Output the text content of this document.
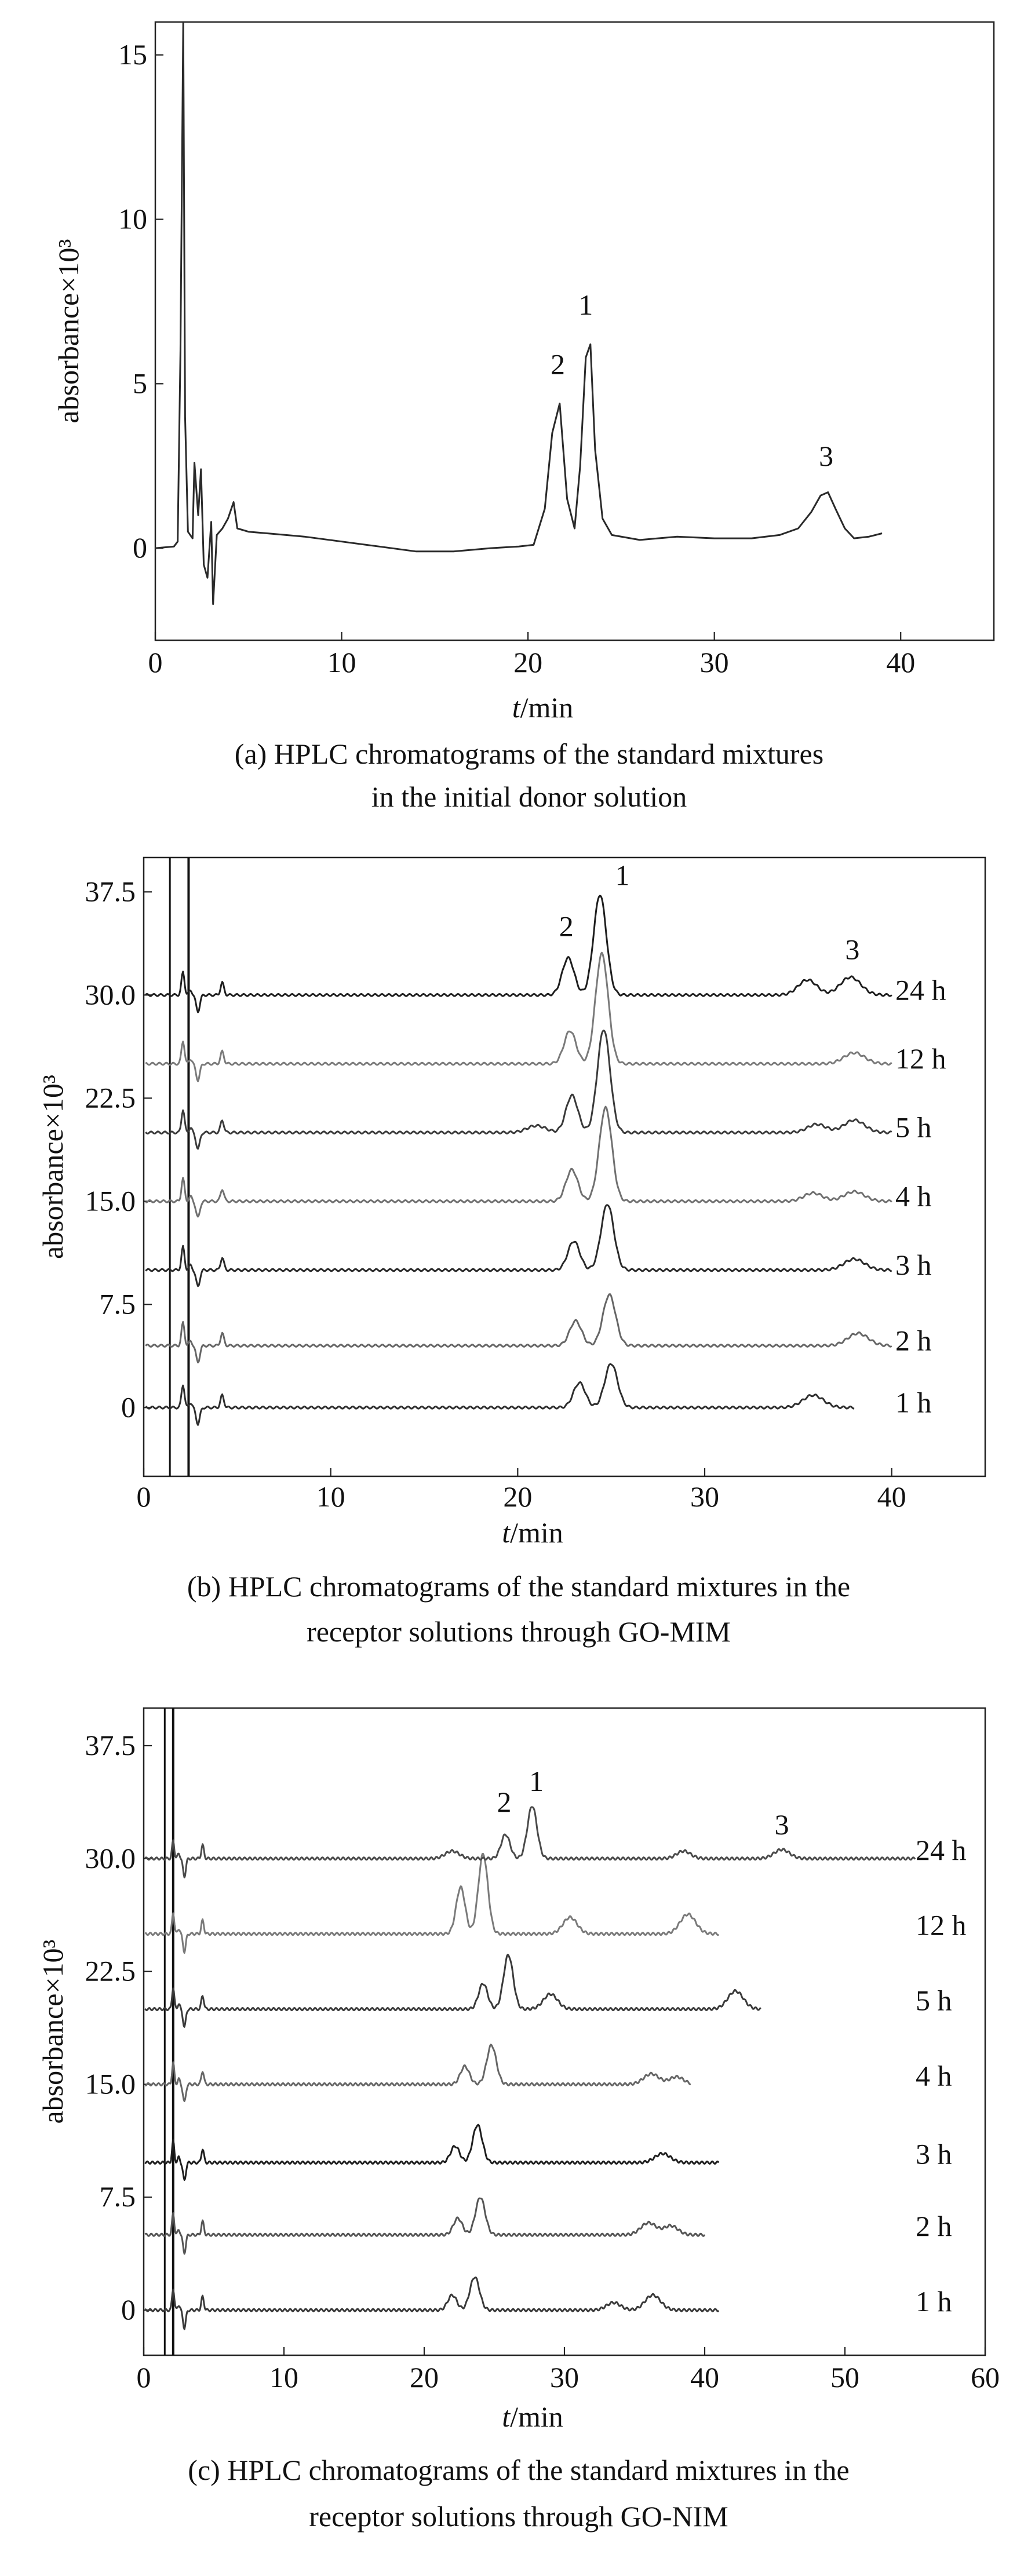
0	10	20	30	40
0
5
10
15
absorbance×10³
t/min
2
1
3
(a) HPLC chromatograms of the standard mixtures
in the initial donor solution
0	10	20	30	40
0
7.5
15.0
22.5
30.0
37.5
absorbance×10³
t/min
2
1
3
24 h
12 h
5 h
4 h
3 h
2 h
1 h
(b) HPLC chromatograms of the standard mixtures in the
receptor solutions through GO-MIM
0	10	20	30	40	50	60
0
7.5
15.0
22.5
30.0
37.5
absorbance×10³
t/min
2
1
3
24 h
12 h
5 h
4 h
3 h
2 h
1 h
(c) HPLC chromatograms of the standard mixtures in the
receptor solutions through GO-NIM
